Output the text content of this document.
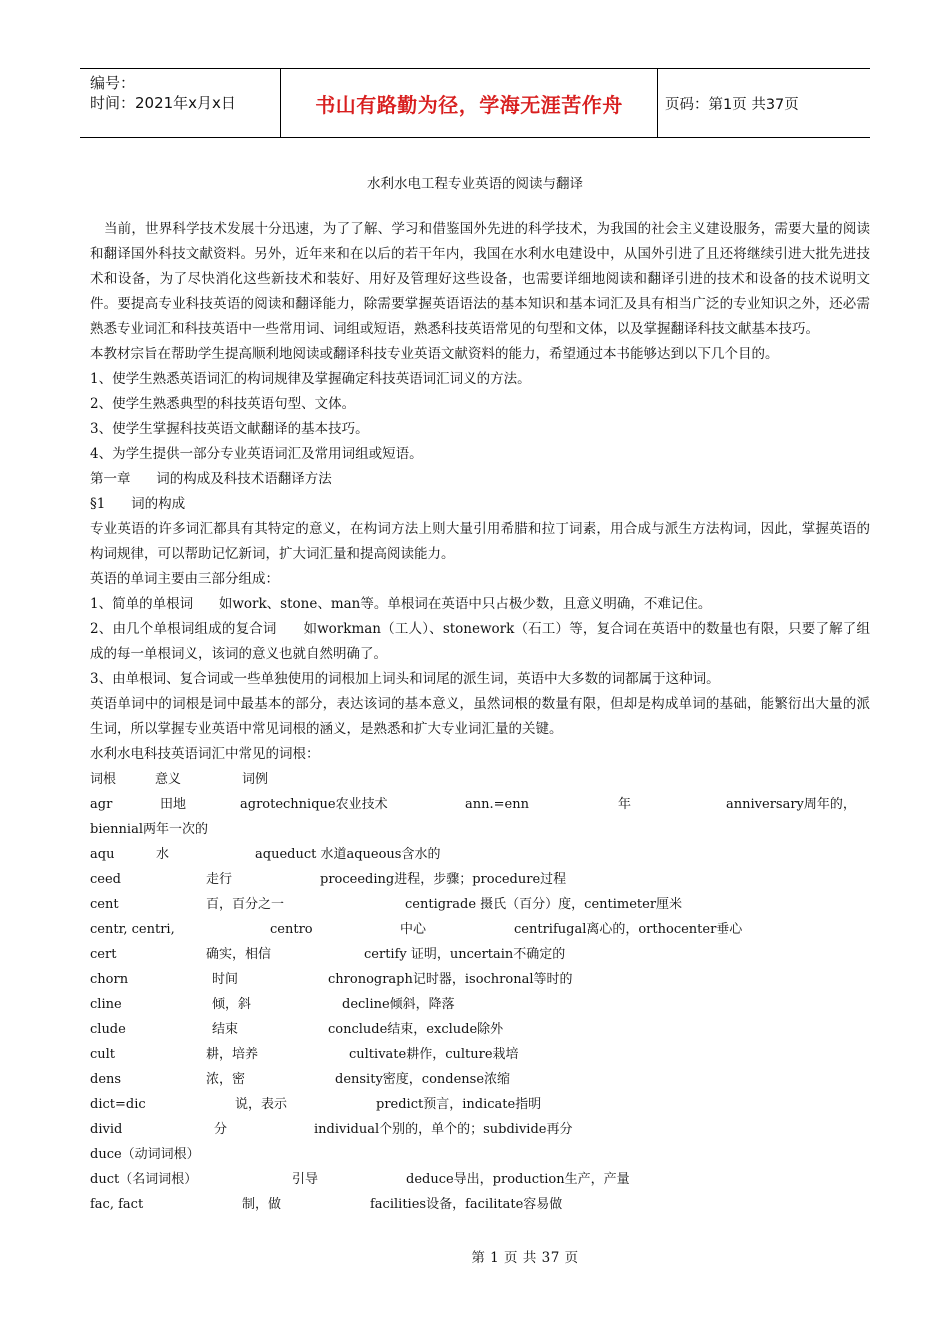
编号：
时间：2021年x月x日	书山有路勤为径，学海无涯苦作舟	页码：第1页 共37页
水利水电工程专业英语的阅读与翻译

当前，世界科学技术发展十分迅速，为了了解、学习和借鉴国外先进的科学技术，为我国的社会主义建设服务，需要大量的阅读和翻译国外科技文献资料。另外，近年来和在以后的若干年内，我国在水利水电建设中，从国外引进了且还将继续引进大批先进技术和设备，为了尽快消化这些新技术和装好、用好及管理好这些设备，也需要详细地阅读和翻译引进的技术和设备的技术说明文件。要提高专业科技英语的阅读和翻译能力，除需要掌握英语语法的基本知识和基本词汇及具有相当广泛的专业知识之外，还必需熟悉专业词汇和科技英语中一些常用词、词组或短语，熟悉科技英语常见的句型和文体，以及掌握翻译科技文献基本技巧。

本教材宗旨在帮助学生提高顺利地阅读或翻译科技专业英语文献资料的能力，希望通过本书能够达到以下几个目的。

1、使学生熟悉英语词汇的构词规律及掌握确定科技英语词汇词义的方法。

2、使学生熟悉典型的科技英语句型、文体。

3、使学生掌握科技英语文献翻译的基本技巧。

4、为学生提供一部分专业英语词汇及常用词组或短语。

第一章      词的构成及科技术语翻译方法

§1      词的构成

专业英语的许多词汇都具有其特定的意义，在构词方法上则大量引用希腊和拉丁词素，用合成与派生方法构词，因此，掌握英语的构词规律，可以帮助记忆新词，扩大词汇量和提高阅读能力。

英语的单词主要由三部分组成：

1、简单的单根词      如work、stone、man等。单根词在英语中只占极少数，且意义明确，不难记住。

2、由几个单根词组成的复合词      如workman（工人）、stonework（石工）等，复合词在英语中的数量也有限，只要了解了组成的每一单根词义，该词的意义也就自然明确了。

3、由单根词、复合词或一些单独使用的词根加上词头和词尾的派生词，英语中大多数的词都属于这种词。

英语单词中的词根是词中最基本的部分，表达该词的基本意义，虽然词根的数量有限，但却是构成单词的基础，能繁衍出大量的派生词，所以掌握专业英语中常见词根的涵义，是熟悉和扩大专业词汇量的关键。

水利水电科技英语词汇中常见的词根：

词根	意义	词例
agr	田地	agrotechnique农业技术	ann.=enn	年	anniversary周年的，
biennial两年一次的
aqu	水	aqueduct 水道aqueous含水的
ceed	走行	proceeding进程，步骤；procedure过程
cent	百，百分之一	centigrade 摄氏（百分）度，centimeter厘米
centr, centri,	centro	中心	centrifugal离心的，orthocenter垂心
cert	确实，相信	certify 证明，uncertain不确定的
chorn	时间	chronograph记时器，isochronal等时的
cline	倾，斜	decline倾斜，降落
clude	结束	conclude结束，exclude除外
cult	耕，培养	cultivate耕作，culture栽培
dens	浓，密	density密度，condense浓缩
dict=dic	说，表示	predict预言，indicate指明
divid	分	individual个别的，单个的；subdivide再分
duce（动词词根）
duct（名词词根）	引导	deduce导出，production生产，产量
fac, fact	制，做	facilities设备，facilitate容易做
第 1 页 共 37 页
